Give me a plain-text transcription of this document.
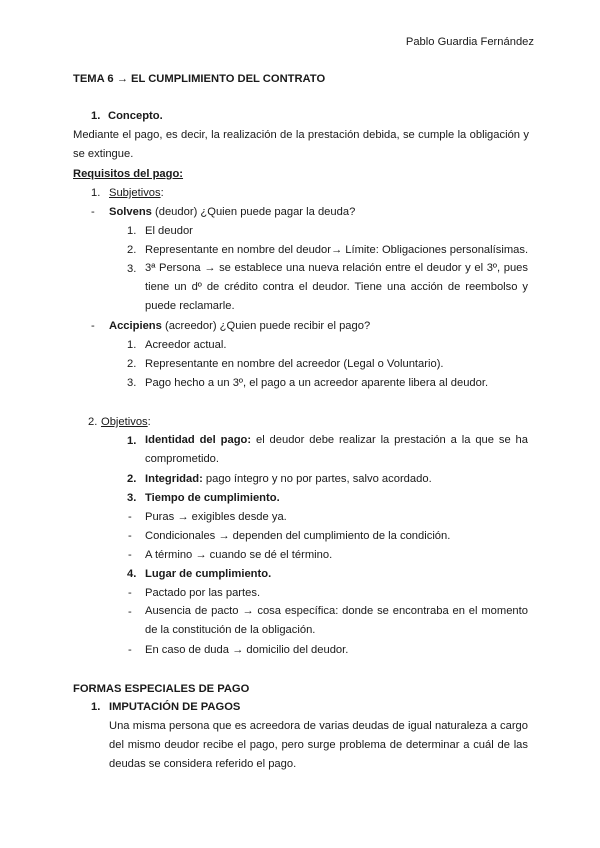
Pablo Guardia Fernández
TEMA 6 → EL CUMPLIMIENTO DEL CONTRATO
1. Concepto.
Mediante el pago, es decir, la realización de la prestación debida, se cumple la obligación y se extingue.
Requisitos del pago:
1. Subjetivos:
- Solvens (deudor) ¿Quien puede pagar la deuda?
1. El deudor
2. Representante en nombre del deudor→ Límite: Obligaciones personalísimas.
3. 3ª Persona → se establece una nueva relación entre el deudor y el 3º, pues tiene un dº de crédito contra el deudor. Tiene una acción de reembolso y puede reclamarle.
- Accipiens (acreedor) ¿Quien puede recibir el pago?
1. Acreedor actual.
2. Representante en nombre del acreedor (Legal o Voluntario).
3. Pago hecho a un 3º, el pago a un acreedor aparente libera al deudor.
2. Objetivos:
1. Identidad del pago: el deudor debe realizar la prestación a la que se ha comprometido.
2. Integridad: pago íntegro y no por partes, salvo acordado.
3. Tiempo de cumplimiento.
- Puras → exigibles desde ya.
- Condicionales → dependen del cumplimiento de la condición.
- A término → cuando se dé el término.
4. Lugar de cumplimiento.
- Pactado por las partes.
- Ausencia de pacto → cosa específica: donde se encontraba en el momento de la constitución de la obligación.
- En caso de duda → domicilio del deudor.
FORMAS ESPECIALES DE PAGO
1. IMPUTACIÓN DE PAGOS
Una misma persona que es acreedora de varias deudas de igual naturaleza a cargo del mismo deudor recibe el pago, pero surge problema de determinar a cuál de las deudas se considera referido el pago.
